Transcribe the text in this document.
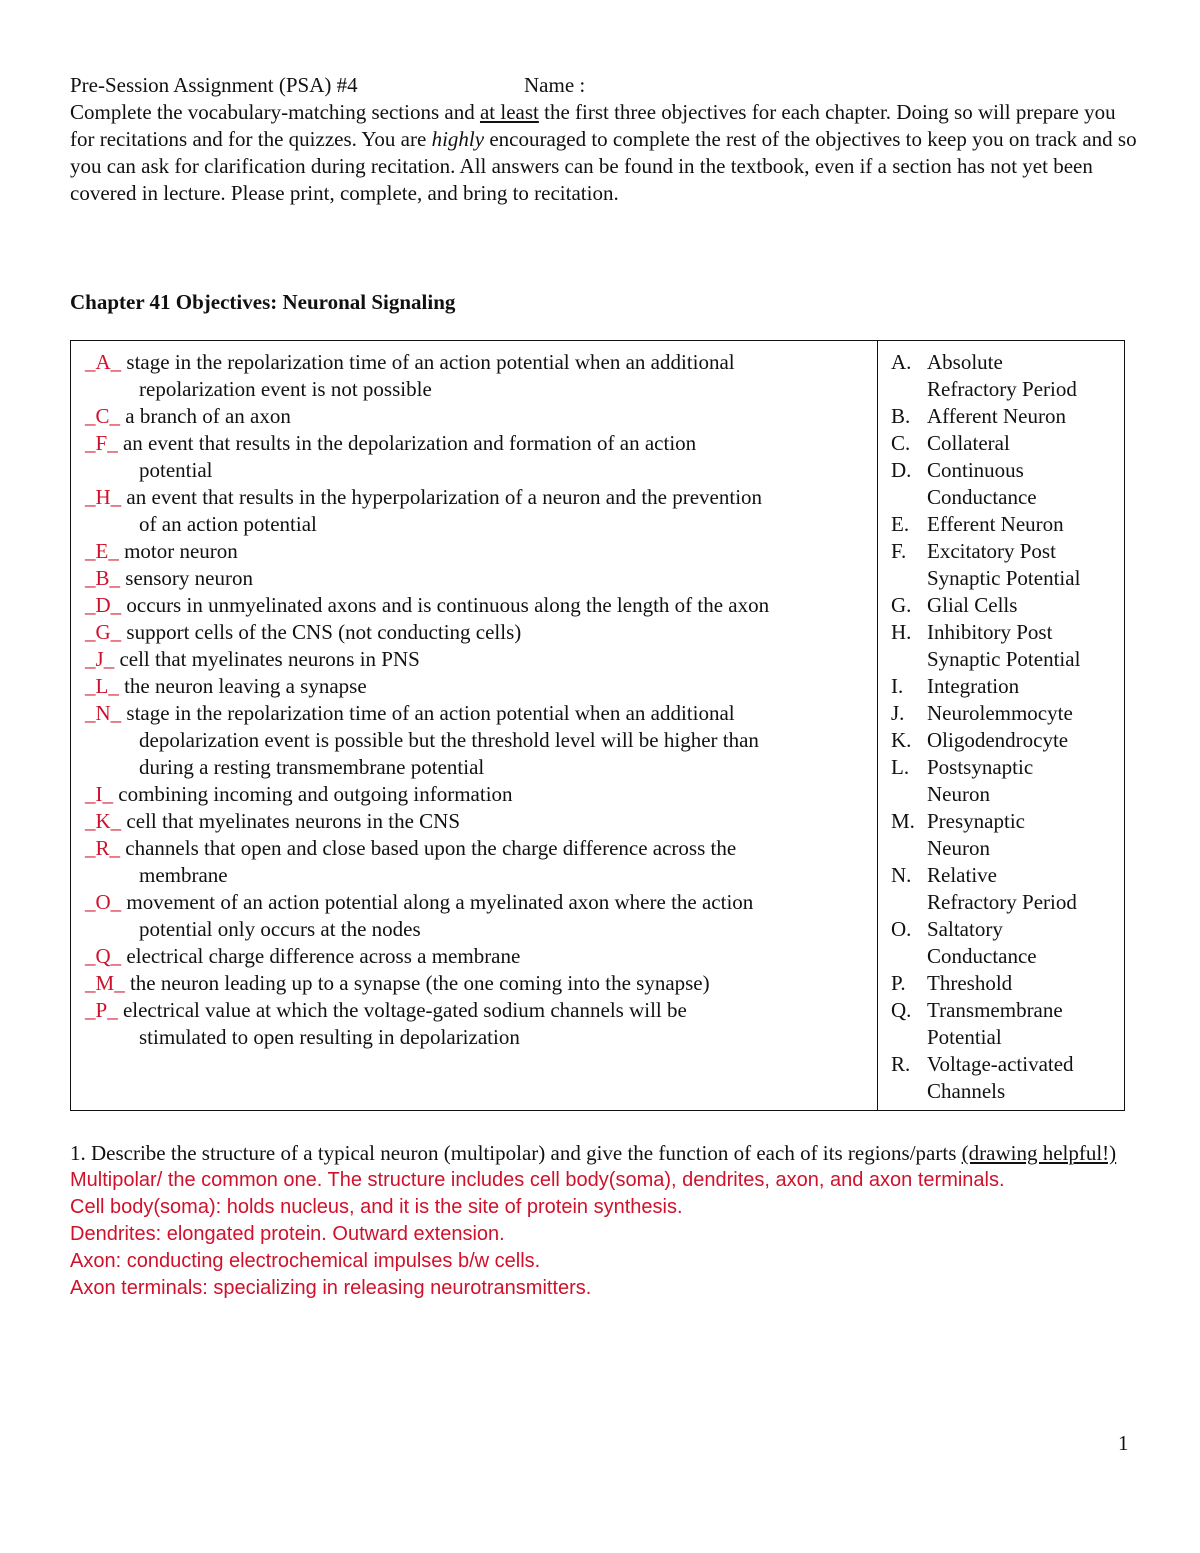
Pre-Session Assignment (PSA) #4	Name :

Complete the vocabulary-matching sections and at least the first three objectives for each chapter. Doing so will prepare you for recitations and for the quizzes. You are highly encouraged to complete the rest of the objectives to keep you on track and so you can ask for clarification during recitation. All answers can be found in the textbook, even if a section has not yet been covered in lecture. Please print, complete, and bring to recitation.

Chapter 41 Objectives: Neuronal Signaling
_A_ stage in the repolarization time of an action potential when an additional
repolarization event is not possible
_C_ a branch of an axon
_F_ an event that results in the depolarization and formation of an action
potential
_H_ an event that results in the hyperpolarization of a neuron and the prevention
of an action potential
_E_ motor neuron
_B_ sensory neuron
_D_ occurs in unmyelinated axons and is continuous along the length of the axon
_G_ support cells of the CNS (not conducting cells)
_J_ cell that myelinates neurons in PNS
_L_ the neuron leaving a synapse
_N_ stage in the repolarization time of an action potential when an additional
depolarization event is possible but the threshold level will be higher than
during a resting transmembrane potential
_I_ combining incoming and outgoing information
_K_ cell that myelinates neurons in the CNS
_R_ channels that open and close based upon the charge difference across the
membrane
_O_ movement of an action potential along a myelinated axon where the action
potential only occurs at the nodes
_Q_ electrical charge difference across a membrane
_M_ the neuron leading up to a synapse (the one coming into the synapse)
_P_ electrical value at which the voltage-gated sodium channels will be
stimulated to open resulting in depolarization
A. Absolute
Refractory Period
B. Afferent Neuron
C. Collateral
D. Continuous
Conductance
E. Efferent Neuron
F. Excitatory Post
Synaptic Potential
G. Glial Cells
H. Inhibitory Post
Synaptic Potential
I.	Integration
J.	Neurolemmocyte
K. Oligodendrocyte
L. Postsynaptic
Neuron
M. Presynaptic
Neuron
N. Relative
Refractory Period
O. Saltatory
Conductance
P.	Threshold
Q. Transmembrane
Potential
R. Voltage-activated
Channels
1. Describe the structure of a typical neuron (multipolar) and give the function of each of its regions/parts (drawing helpful!)
Multipolar/ the common one. The structure includes cell body(soma), dendrites, axon, and axon terminals.
Cell body(soma): holds nucleus, and it is the site of protein synthesis.
Dendrites: elongated protein. Outward extension.
Axon: conducting electrochemical impulses b/w cells.
Axon terminals: specializing in releasing neurotransmitters.
1
